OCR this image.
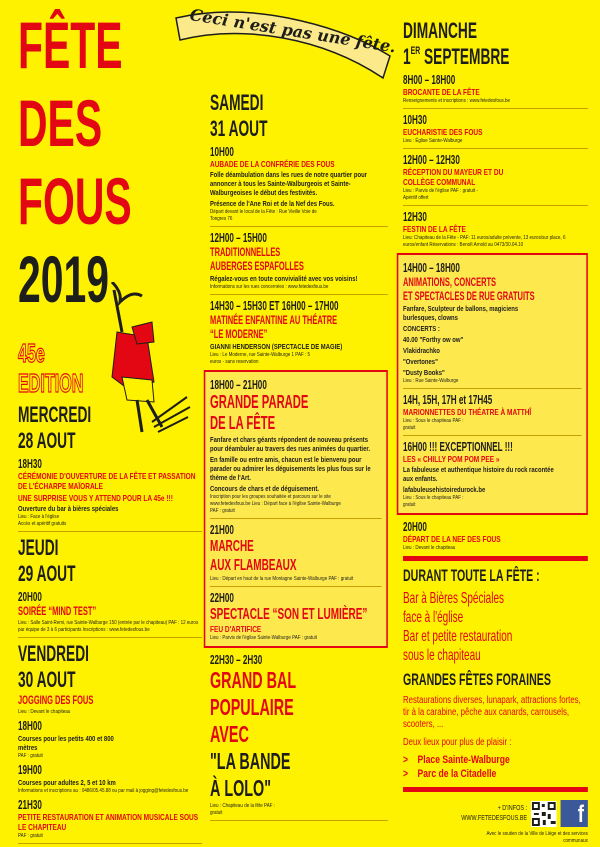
FÊTE
DES
FOUS
2019
45e
EDITION
Ceci n'est pas une fête.
MERCREDI
28 AOUT
18H30
CÉRÉMONIE D'OUVERTURE DE LA FÊTE ET PASSATION DE L'ÉCHARPE MAÏORALE
UNE SURPRISE VOUS Y ATTEND POUR LA 45e !!!
Ouverture du bar à bières spéciales
Lieu : Face à l'église
Accès et apéritif gratuits
JEUDI
29 AOUT
20H00
SOIRÉE “MIND TEST”
Lieu : Salle Saint-Remi, rue Sainte-Walburge 150 (entrée par le chapiteau) PAF : 12 euros par équipe de 3 à 6 participants Inscriptions : www.fetedesfous.be
VENDREDI
30 AOUT
JOGGING DES FOUS
Lieu : Devant le chapiteau
18H00
Courses pour les petits 400 et 800 mètres
PAF : gratuit
19H00
Courses pour adultes 2, 5 et 10 km
Informations et inscriptions au : 0486/05.45.88 ou par mail à jogging@fetedesfous.be
21H30
PETITE RESTAURATION ET ANIMATION MUSICALE SOUS LE CHAPITEAU
PAF : gratuit
SAMEDI
31 AOUT
10H00
AUBADE DE LA CONFRÉRIE DES FOUS
Folle déambulation dans les rues de notre quartier pour annoncer à tous les Sainte-Walburgeois et Sainte-Walburgeoises le début des festivités.
Présence de l'Ane Roi et de la Nef des Fous.
Départ devant le local de la Fête : Rue Vieille Voie de Tongres 76
12H00 – 15H00
TRADITIONNELLES
AUBERGES ESPAFOLLES
Régalez-vous en toute convivialité avec vos voisins!
Informations sur les rues concernées : www.fetedesfous.be
14H30 – 15H30 ET 16H00 – 17H00
MATINÉE ENFANTINE AU THÉATRE
“LE MODERNE”
GIANNI HENDERSON (SPECTACLE DE MAGIE)
Lieu : Le Moderne, rue Sainte-Walburge 1 PAF : 5 euros - sans reservation
18H00 – 21H00
GRANDE PARADE
DE LA FÊTE
Fanfare et chars géants répondent de nouveau présents pour déambuler au travers des rues animées du quartier.
En famille ou entre amis, chacun est le bienvenu pour parader ou admirer les déguisements les plus fous sur le thème de l'Art.
Concours de chars et de déguisement.
Inscription pour les groupes souhaitée et parcours sur le site www.fetedesfous.be Lieu : Départ face à l'église Sainte-Walburge PAF : gratuit
21H00
MARCHE
AUX FLAMBEAUX
Lieu : Départ en haut de la rue Montagne Sainte-Walburge PAF : gratuit
22H00
SPECTACLE “SON ET LUMIÈRE”
FEU D'ARTIFICE
Lieu : Parvis de l'église Sainte-Walburge PAF : gratuit
22H30 – 2H30
GRAND BAL
POPULAIRE
AVEC
"LA BANDE
À LOLO"
Lieu : Chapiteau de la fête PAF : gratuit
DIMANCHE
1ER SEPTEMBRE
8H00 – 18H00
BROCANTE DE LA FÊTE
Renseignements et inscriptions : www.fetedesfous.be
10H30
EUCHARISTIE DES FOUS
Lieu : Église Sainte-Walburge
12H00 – 12H30
RÉCEPTION DU MAYEUR ET DU COLLÈGE COMMUNAL
Lieu : Parvis de l'église PAF : gratuit - Apéritif offert
12H30
FESTIN DE LA FÊTE
Lieu: Chapiteau de la Fête - PAF: 11 euros/adulte prévente, 13 euros/sur place, 6 euros/enfant Réservations : Benoît Arnold au 0473/30.04.10
14H00 – 18H00
ANIMATIONS, CONCERTS
ET SPECTACLES DE RUE GRATUITS
Fanfare, Sculpteur de ballons, magiciens burlesques, clowns
CONCERTS :
40.00 "Forthy ow ow"
Vlakidrachko
"Overtones"
"Dusty Books"
Lieu : Rue Sainte-Walburge
14H, 15H, 17H et 17H45
MARIONNETTES DU THÉATRE À MATTHÎ
Lieu : Sous le chapiteau PAF : gratuit
16H00 !!! EXCEPTIONNEL !!!
LES « CHILLY POM POM PEE »
La fabuleuse et authentique histoire du rock racontée aux enfants.
lafabuleusehistoiredurock.be
Lieu : Sous le chapiteau PAF : gratuit
20H00
DÉPART DE LA NEF DES FOUS
Lieu : Devant le chapiteau
DURANT TOUTE LA FÊTE :
Bar à Bières Spéciales
face à l'église
Bar et petite restauration
sous le chapiteau
GRANDES FÊTES FORAINES
Restaurations diverses, lunapark, attractions fortes, tir à la carabine, pêche aux canards, carrousels, scooters, ...
Deux lieux pour plus de plaisir :
>    Place Sainte-Walburge
>    Parc de la Citadelle
+ D'INFOS :
WWW.FETEDESFOUS.BE	f
Avec le soutien de la Ville de Liège et des services communaux
